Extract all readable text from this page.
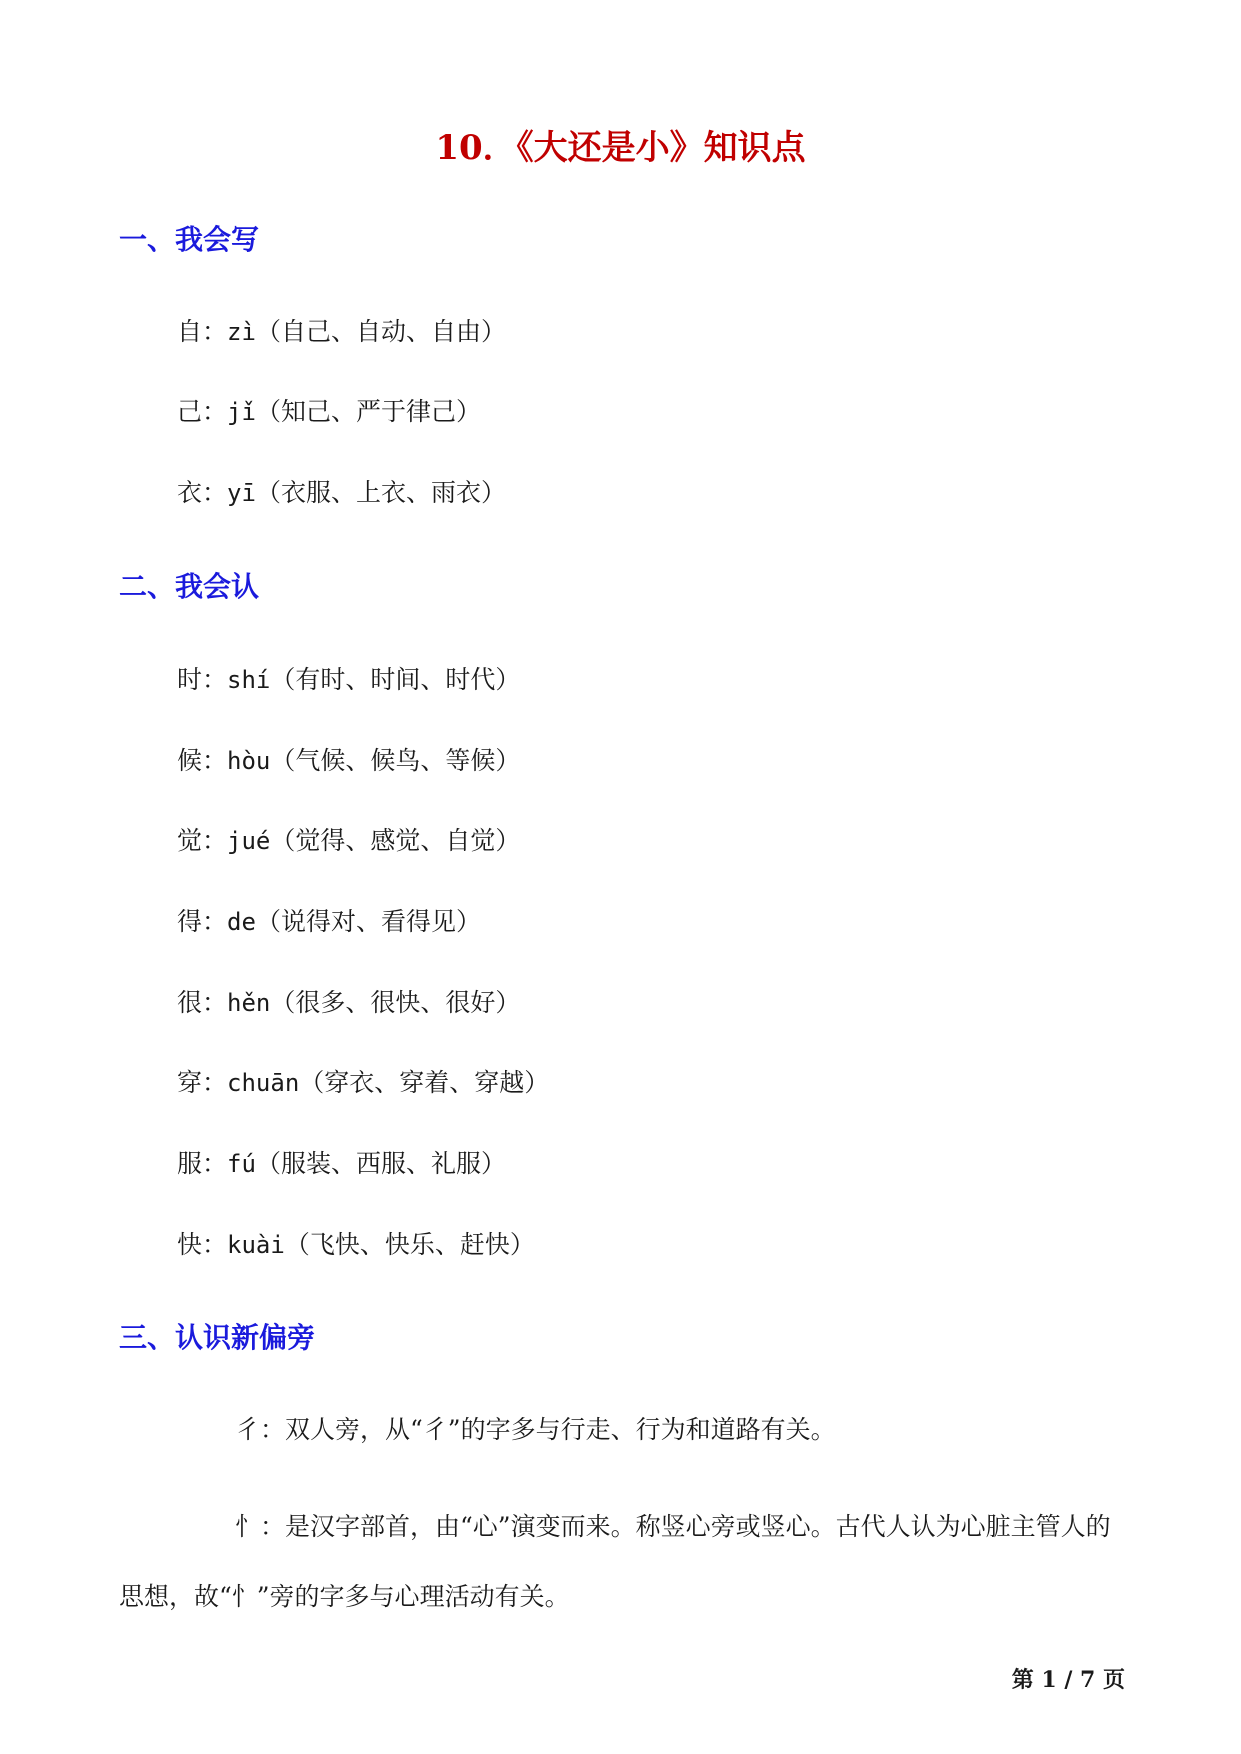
10．《大还是小》知识点
一、我会写

自：zì（自己、自动、自由）

己：jǐ（知己、严于律己）

衣：yī（衣服、上衣、雨衣）

二、我会认

时：shí（有时、时间、时代）

候：hòu（气候、候鸟、等候）

觉：jué（觉得、感觉、自觉）

得：de（说得对、看得见）

很：hěn（很多、很快、很好）

穿：chuān（穿衣、穿着、穿越）

服：fú（服装、西服、礼服）

快：kuài（飞快、快乐、赶快）

三、认识新偏旁

彳：双人旁，从“彳”的字多与行走、行为和道路有关。

忄：是汉字部首，由“心”演变而来。称竖心旁或竖心。古代人认为心脏主管人的思想，故“忄”旁的字多与心理活动有关。

第 1 / 7 页
